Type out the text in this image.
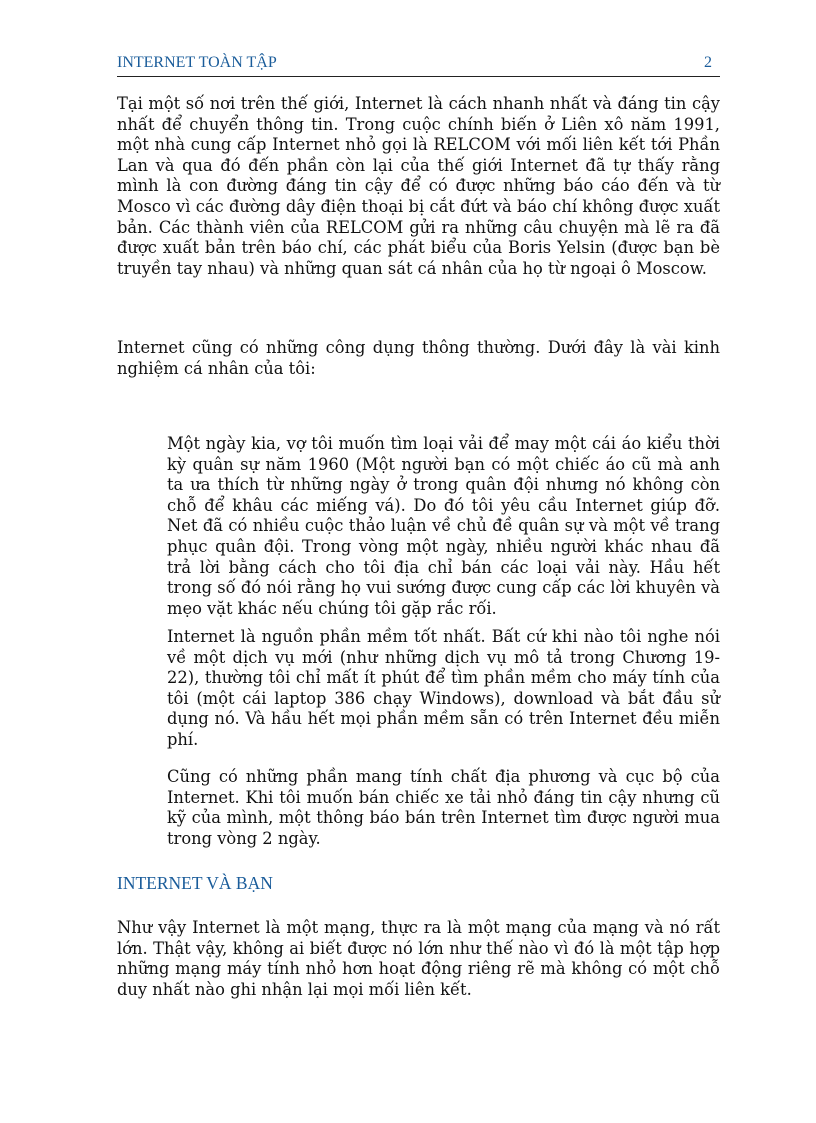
INTERNET TOÀN TẬP	2

Tại một số nơi trên thế giới, Internet là cách nhanh nhất và đáng tin cậy nhất để chuyển thông tin. Trong cuộc chính biến ở Liên xô năm 1991, một nhà cung cấp Internet nhỏ gọi là RELCOM với mối liên kết tới Phần Lan và qua đó đến phần còn lại của thế giới Internet đã tự thấy rằng mình là con đường đáng tin cậy để có được những báo cáo đến và từ Mosco vì các đường dây điện thoại bị cắt đứt và báo chí không được xuất bản. Các thành viên của RELCOM gửi ra những câu chuyện mà lẽ ra đã được xuất bản trên báo chí, các phát biểu của Boris Yelsin (được bạn bè truyền tay nhau) và những quan sát cá nhân của họ từ ngoại ô Moscow.

Internet cũng có những công dụng thông thường. Dưới đây là vài kinh nghiệm cá nhân của tôi:

Một ngày kia, vợ tôi muốn tìm loại vải để may một cái áo kiểu thời kỳ quân sự năm 1960 (Một người bạn có một chiếc áo cũ mà anh ta ưa thích từ những ngày ở trong quân đội nhưng nó không còn chỗ để khâu các miếng vá). Do đó tôi yêu cầu Internet giúp đỡ. Net đã có nhiều cuộc thảo luận về chủ đề quân sự và một về trang phục quân đội. Trong vòng một ngày, nhiều người khác nhau đã trả lời bằng cách cho tôi địa chỉ bán các loại vải này. Hầu hết trong số đó nói rằng họ vui sướng được cung cấp các lời khuyên và mẹo vặt khác nếu chúng tôi gặp rắc rối.

Internet là nguồn phần mềm tốt nhất. Bất cứ khi nào tôi nghe nói về một dịch vụ mới (như những dịch vụ mô tả trong Chương 19-22), thường tôi chỉ mất ít phút để tìm phần mềm cho máy tính của tôi (một cái laptop 386 chạy Windows), download và bắt đầu sử dụng nó. Và hầu hết mọi phần mềm sẵn có trên Internet đều miễn phí.

Cũng có những phần mang tính chất địa phương và cục bộ của Internet. Khi tôi muốn bán chiếc xe tải nhỏ đáng tin cậy nhưng cũ kỹ của mình, một thông báo bán trên Internet tìm được người mua trong vòng 2 ngày.

INTERNET VÀ BẠN

Như vậy Internet là một mạng, thực ra là một mạng của mạng và nó rất lớn. Thật vậy, không ai biết được nó lớn như thế nào vì đó là một tập hợp những mạng máy tính nhỏ hơn hoạt động riêng rẽ mà không có một chỗ duy nhất nào ghi nhận lại mọi mối liên kết.
